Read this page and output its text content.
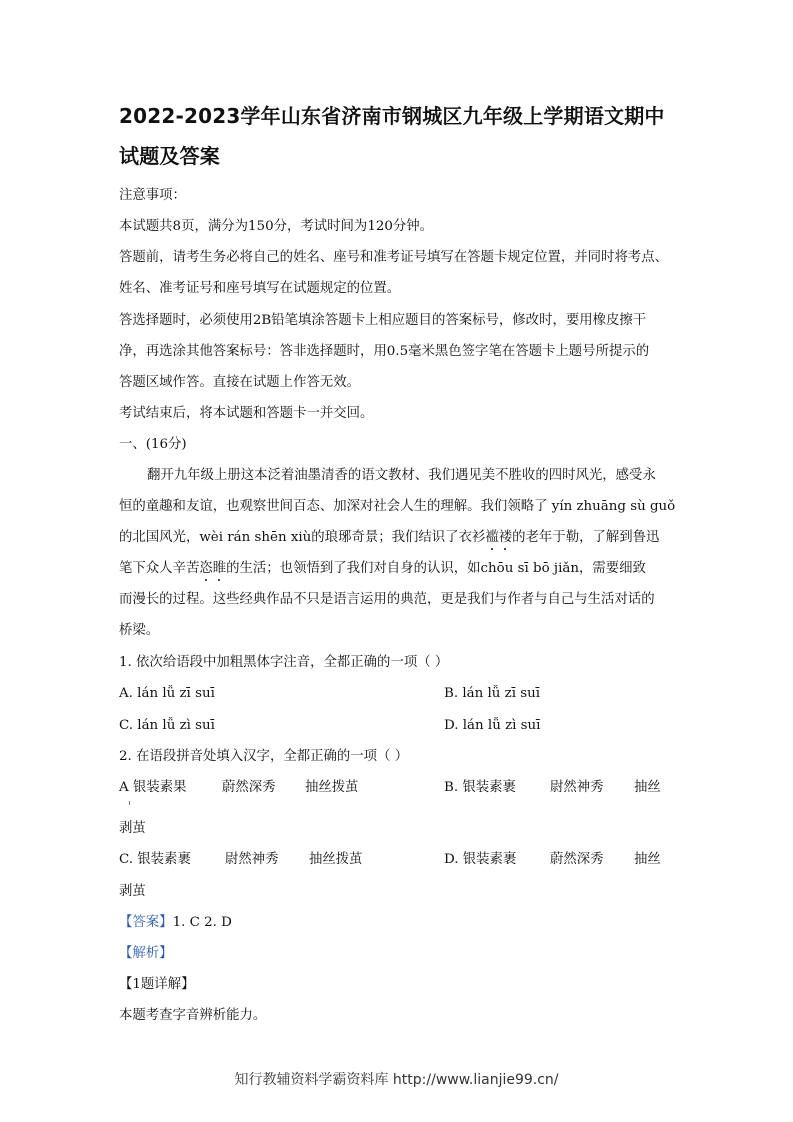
2022-2023学年山东省济南市钢城区九年级上学期语文期中
试题及答案
注意事项：
本试题共8页，满分为150分，考试时间为120分钟。
答题前，请考生务必将自己的姓名、座号和准考证号填写在答题卡规定位置，并同时将考点、
姓名、准考证号和座号填写在试题规定的位置。
答选择题时，必须使用2B铅笔填涂答题卡上相应题目的答案标号，修改时，要用橡皮擦干
净，再选涂其他答案标号：答非选择题时，用0.5毫米黑色签字笔在答题卡上题号所提示的
答题区域作答。直接在试题上作答无效。
考试结束后，将本试题和答题卡一并交回。
一、(16分)
翻开九年级上册这本泛着油墨清香的语文教材、我们遇见美不胜收的四时风光，感受永
恒的童趣和友谊，也观察世间百态、加深对社会人生的理解。我们领略了 yín zhuāng sù guǒ
的北国风光，wèi rán shēn xiù的琅琊奇景；我们结识了衣衫褴褛的老年于勒，了解到鲁迅
笔下众人辛苦恣睢的生活；也领悟到了我们对自身的认识，如chōu sī bō jiǎn，需要细致
而漫长的过程。这些经典作品不只是语言运用的典范，更是我们与作者与自己与生活对话的
桥梁。
1. 依次给语段中加粗黑体字注音，全都正确的一项（ ）
A. lán lǚ zī suī	B. lán lǚ zī suī
C. lán lǚ zì suī	D. lán lǚ zì suī
2. 在语段拼音处填入汉字，全都正确的一项（ ）
A 银装素果	蔚然深秀 抽丝拨茧	B. 银装素裹	尉然神秀 抽丝
剥茧
C. 银装素裹	尉然神秀 抽丝拨茧	D. 银装素裹	蔚然深秀 抽丝
剥茧
【答案】1. C 2. D
【解析】
【1题详解】
本题考查字音辨析能力。
知行教辅资料学霸资料库 http://www.lianjie99.cn/
